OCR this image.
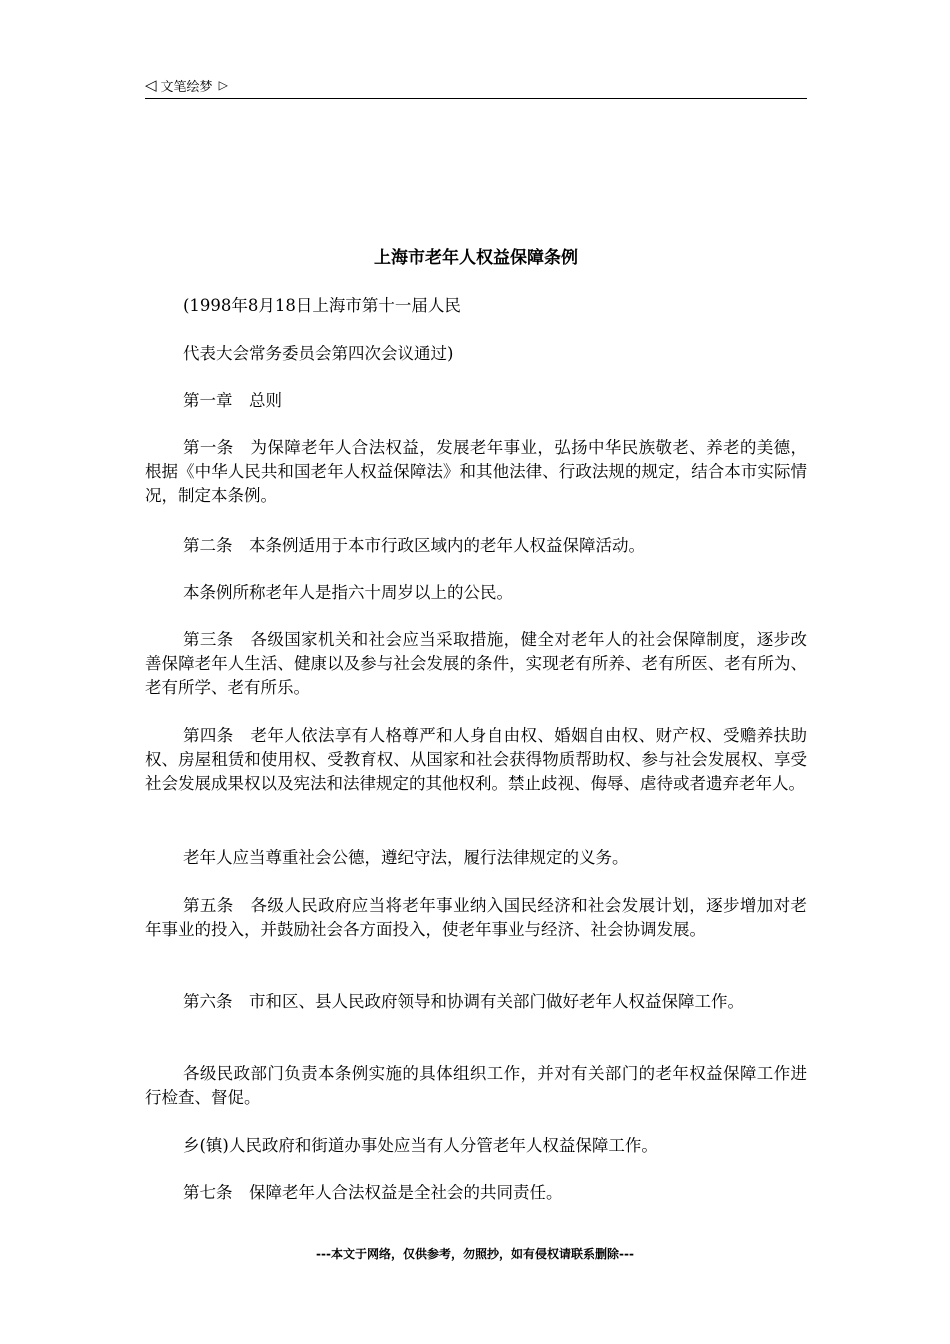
◁ 文笔绘梦 ▷
上海市老年人权益保障条例

(1998年8月18日上海市第十一届人民

代表大会常务委员会第四次会议通过)

第一章　总则

第一条　为保障老年人合法权益，发展老年事业，弘扬中华民族敬老、养老的美德，根据《中华人民共和国老年人权益保障法》和其他法律、行政法规的规定，结合本市实际情况，制定本条例。

第二条　本条例适用于本市行政区域内的老年人权益保障活动。

本条例所称老年人是指六十周岁以上的公民。

第三条　各级国家机关和社会应当采取措施，健全对老年人的社会保障制度，逐步改善保障老年人生活、健康以及参与社会发展的条件，实现老有所养、老有所医、老有所为、老有所学、老有所乐。

第四条　老年人依法享有人格尊严和人身自由权、婚姻自由权、财产权、受赡养扶助权、房屋租赁和使用权、受教育权、从国家和社会获得物质帮助权、参与社会发展权、享受社会发展成果权以及宪法和法律规定的其他权利。禁止歧视、侮辱、虐待或者遗弃老年人。

老年人应当尊重社会公德，遵纪守法，履行法律规定的义务。

第五条　各级人民政府应当将老年事业纳入国民经济和社会发展计划，逐步增加对老年事业的投入，并鼓励社会各方面投入，使老年事业与经济、社会协调发展。

第六条　市和区、县人民政府领导和协调有关部门做好老年人权益保障工作。

各级民政部门负责本条例实施的具体组织工作，并对有关部门的老年权益保障工作进行检查、督促。

乡(镇)人民政府和街道办事处应当有人分管老年人权益保障工作。

第七条　保障老年人合法权益是全社会的共同责任。

---本文于网络，仅供参考，勿照抄，如有侵权请联系删除---
